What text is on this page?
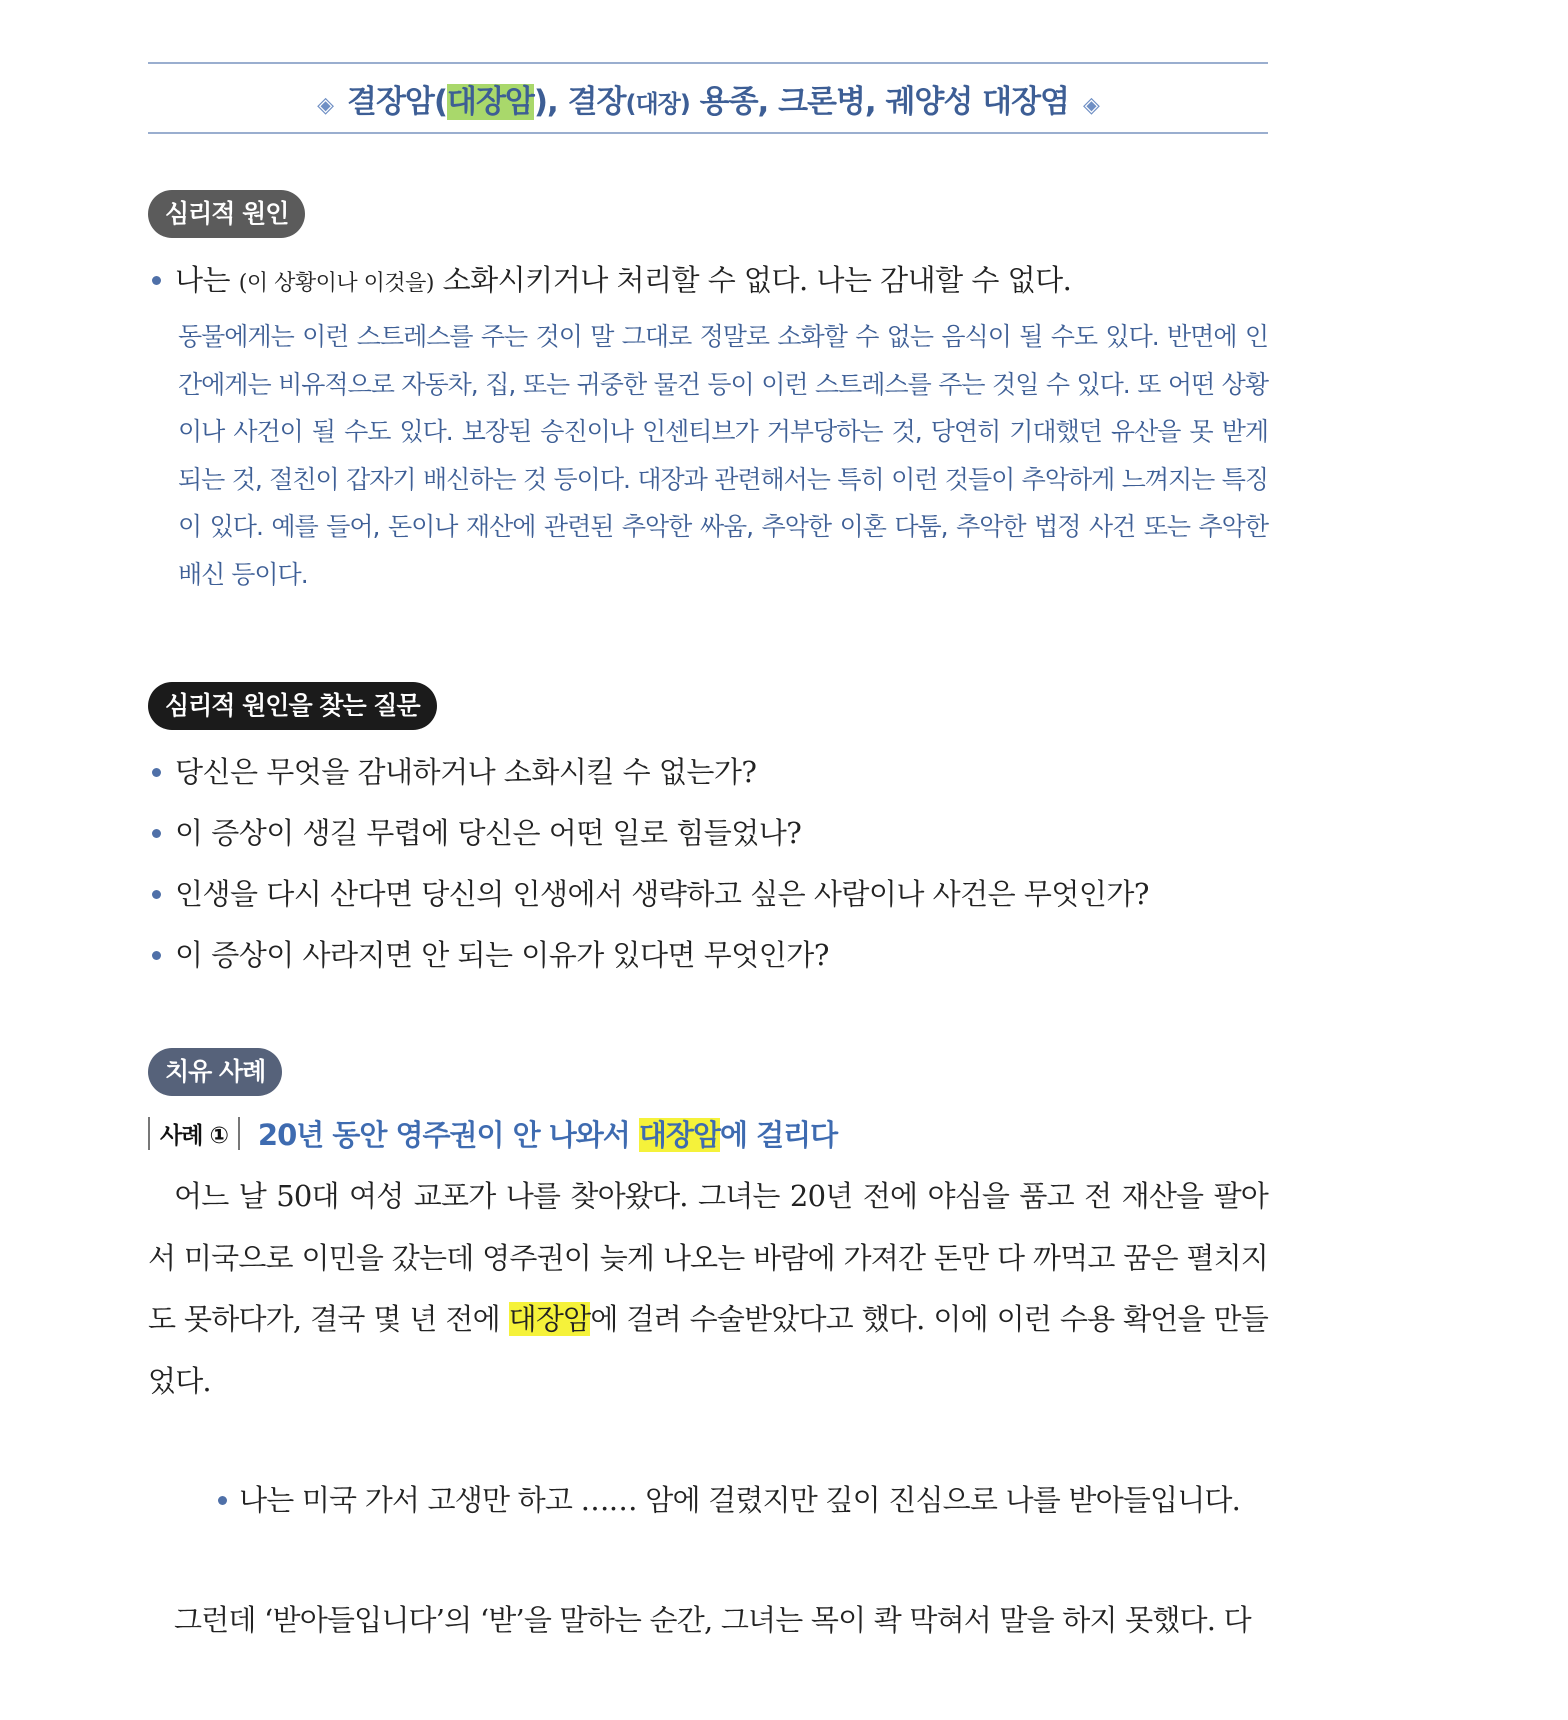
◈ 결장암(대장암), 결장(대장) 용종, 크론병, 궤양성 대장염 ◈
심리적 원인
나는 (이 상황이나 이것을) 소화시키거나 처리할 수 없다. 나는 감내할 수 없다.

동물에게는 이런 스트레스를 주는 것이 말 그대로 정말로 소화할 수 없는 음식이 될 수도 있다. 반면에 인간에게는 비유적으로 자동차, 집, 또는 귀중한 물건 등이 이런 스트레스를 주는 것일 수 있다. 또 어떤 상황이나 사건이 될 수도 있다. 보장된 승진이나 인센티브가 거부당하는 것, 당연히 기대했던 유산을 못 받게 되는 것, 절친이 갑자기 배신하는 것 등이다. 대장과 관련해서는 특히 이런 것들이 추악하게 느껴지는 특징이 있다. 예를 들어, 돈이나 재산에 관련된 추악한 싸움, 추악한 이혼 다툼, 추악한 법정 사건 또는 추악한 배신 등이다.

심리적 원인을 찾는 질문
당신은 무엇을 감내하거나 소화시킬 수 없는가?
이 증상이 생길 무렵에 당신은 어떤 일로 힘들었나?
인생을 다시 산다면 당신의 인생에서 생략하고 싶은 사람이나 사건은 무엇인가?
이 증상이 사라지면 안 되는 이유가 있다면 무엇인가?
치유 사례
사례 ①	20년 동안 영주권이 안 나와서 대장암에 걸리다

어느 날 50대 여성 교포가 나를 찾아왔다. 그녀는 20년 전에 야심을 품고 전 재산을 팔아서 미국으로 이민을 갔는데 영주권이 늦게 나오는 바람에 가져간 돈만 다 까먹고 꿈은 펼치지도 못하다가, 결국 몇 년 전에 대장암에 걸려 수술받았다고 했다. 이에 이런 수용 확언을 만들었다.

나는 미국 가서 고생만 하고 …… 암에 걸렸지만 깊이 진심으로 나를 받아들입니다.
그런데 ‘받아들입니다’의 ‘받’을 말하는 순간, 그녀는 목이 콱 막혀서 말을 하지 못했다. 다
